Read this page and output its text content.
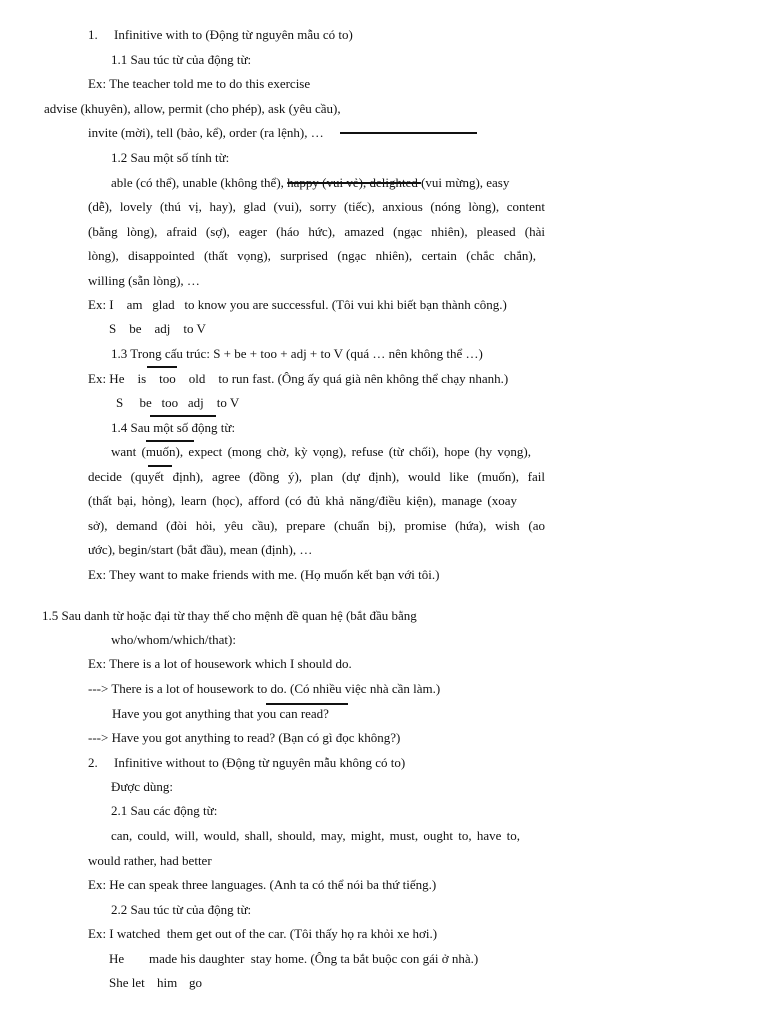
1.     Infinitive with to (Động từ nguyên mẫu có to)
1.1 Sau túc từ của động từ:
Ex: The teacher told me to do this exercise
advise (khuyên), allow, permit (cho phép), ask (yêu cầu),
invite (mời), tell (bảo, kể), order (ra lệnh), …
1.2 Sau một số tính từ:
able (có thể), unable (không thể), happy (vui vẻ), delighted (vui mừng), easy
(dễ), lovely (thú vị, hay), glad (vui), sorry (tiếc), anxious (nóng lòng), content
(bằng lòng), afraid (sợ), eager (háo hức), amazed (ngạc nhiên), pleased (hài
lòng), disappointed (thất vọng), surprised (ngạc nhiên), certain (chắc chắn),
willing (sẵn lòng), …
Ex: I    am   glad   to know you are successful. (Tôi vui khi biết bạn thành công.)
S    be    adj    to V
1.3 Trong cấu trúc: S + be + too + adj + to V (quá … nên không thể …)
Ex: He    is    too    old    to run fast. (Ông ấy quá già nên không thể chạy nhanh.)
S     be   too   adj    to V
1.4 Sau một số động từ:
want (muốn), expect (mong chờ, kỳ vọng), refuse (từ chối), hope (hy vọng),
decide (quyết định), agree (đồng ý), plan (dự định), would like (muốn), fail
(thất bại, hỏng), learn (học), afford (có đủ khả năng/điều kiện), manage (xoay
sở), demand (đòi hỏi, yêu cầu), prepare (chuẩn bị), promise (hứa), wish (ao
ước), begin/start (bắt đầu), mean (định), …
Ex: They want to make friends with me. (Họ muốn kết bạn với tôi.)
1.5 Sau danh từ hoặc đại từ thay thế cho mệnh đề quan hệ (bắt đầu bằng
who/whom/which/that):
Ex: There is a lot of housework which I should do.
---> There is a lot of housework to do. (Có nhiều việc nhà cần làm.)
Have you got anything that you can read?
---> Have you got anything to read? (Bạn có gì đọc không?)
2.     Infinitive without to (Động từ nguyên mẫu không có to)
Được dùng:
2.1 Sau các động từ:
can, could, will, would, shall, should, may, might, must, ought to, have to,
would rather, had better
Ex: He can speak three languages. (Anh ta có thể nói ba thứ tiếng.)
2.2 Sau túc từ của động từ:
Ex: I watched  them get out of the car. (Tôi thấy họ ra khỏi xe hơi.)
He made his daughter  stay home. (Ông ta bắt buộc con gái ở nhà.)
She let him go
